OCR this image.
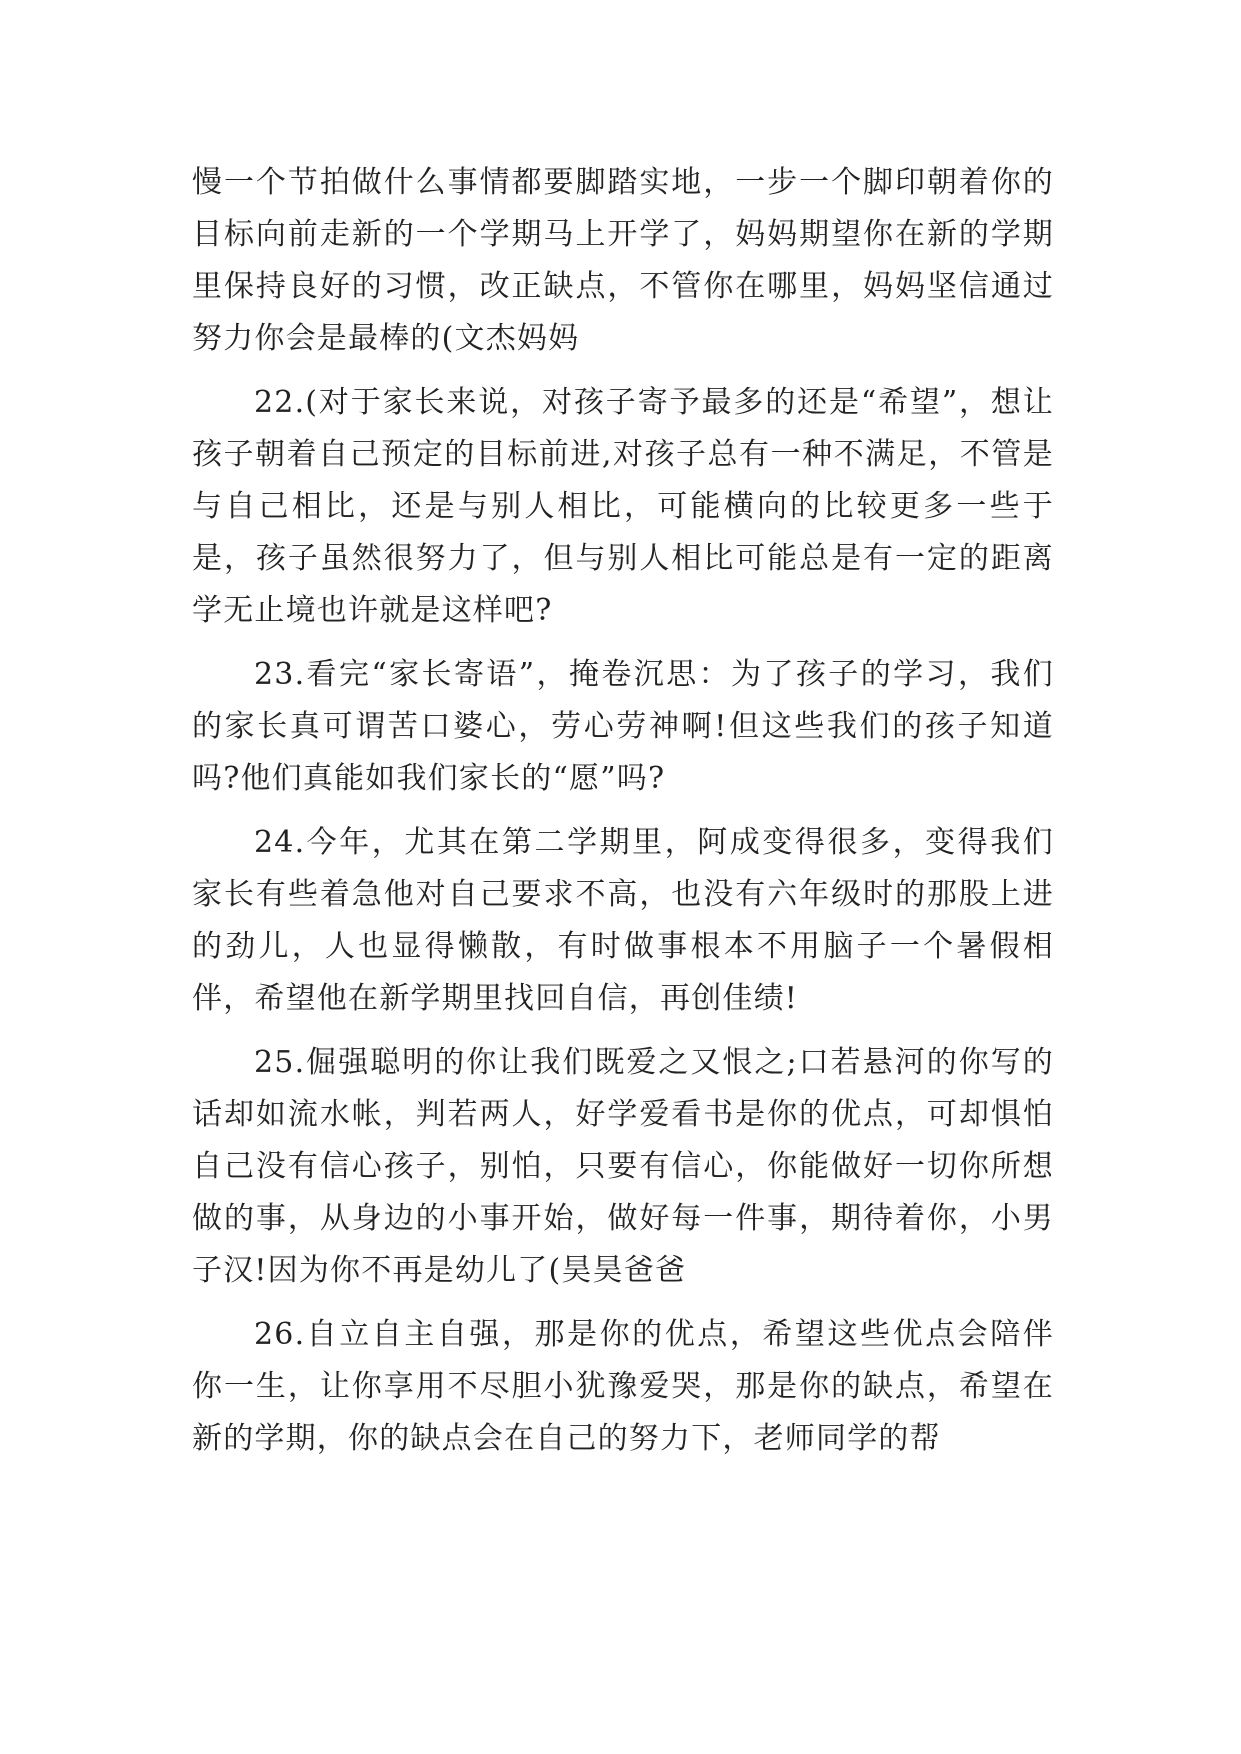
慢一个节拍做什么事情都要脚踏实地，一步一个脚印朝着你的目标向前走新的一个学期马上开学了，妈妈期望你在新的学期里保持良好的习惯，改正缺点，不管你在哪里，妈妈坚信通过努力你会是最棒的(文杰妈妈

22.(对于家长来说，对孩子寄予最多的还是“希望”，想让孩子朝着自己预定的目标前进,对孩子总有一种不满足，不管是与自己相比，还是与别人相比，可能横向的比较更多一些于是，孩子虽然很努力了，但与别人相比可能总是有一定的距离学无止境也许就是这样吧?

23.看完“家长寄语”，掩卷沉思：为了孩子的学习，我们的家长真可谓苦口婆心，劳心劳神啊!但这些我们的孩子知道吗?他们真能如我们家长的“愿”吗?

24.今年，尤其在第二学期里，阿成变得很多，变得我们家长有些着急他对自己要求不高，也没有六年级时的那股上进的劲儿，人也显得懒散，有时做事根本不用脑子一个暑假相伴，希望他在新学期里找回自信，再创佳绩!

25.倔强聪明的你让我们既爱之又恨之;口若悬河的你写的话却如流水帐，判若两人，好学爱看书是你的优点，可却惧怕自己没有信心孩子，别怕，只要有信心，你能做好一切你所想做的事，从身边的小事开始，做好每一件事，期待着你，小男子汉!因为你不再是幼儿了(昊昊爸爸

26.自立自主自强，那是你的优点，希望这些优点会陪伴你一生，让你享用不尽胆小犹豫爱哭，那是你的缺点，希望在新的学期，你的缺点会在自己的努力下，老师同学的帮
